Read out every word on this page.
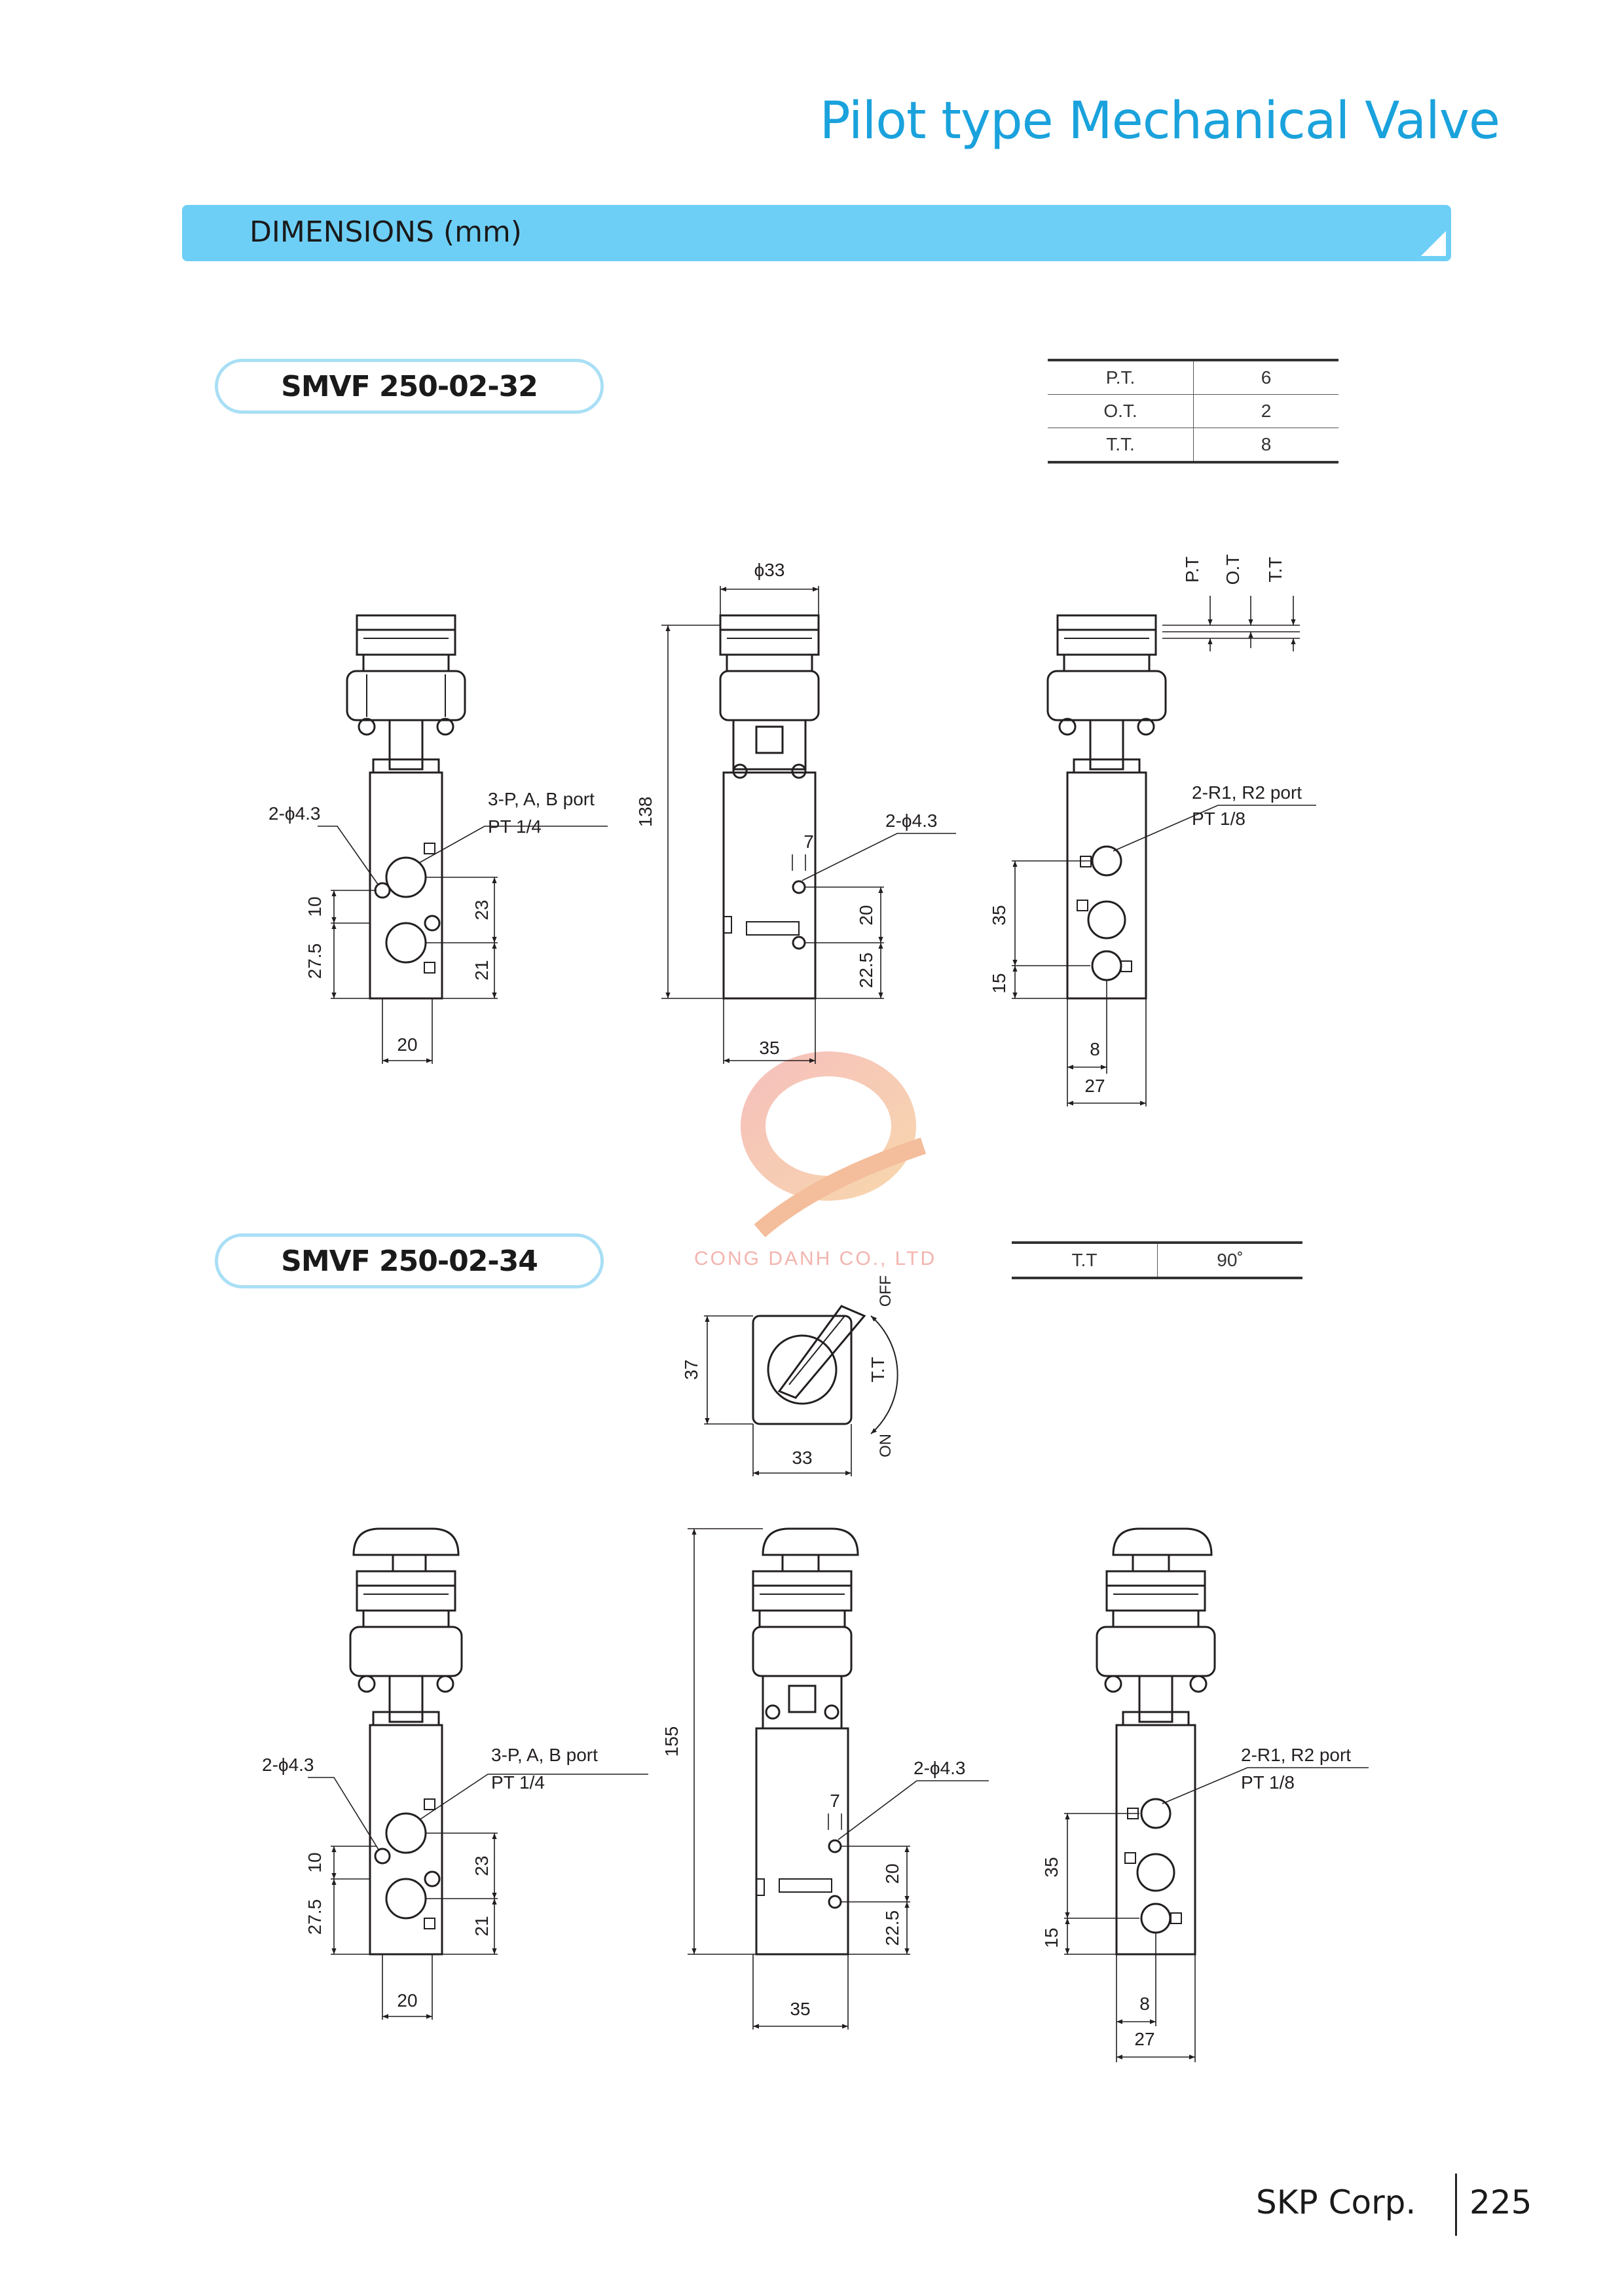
Pilot type Mechanical Valve
DIMENSIONS (mm)
SMVF 250-02-32	P.T.	6
O.T.	2
T.T.	8
SMVF 250-02-34	T.T	90˚
CONG DANH CO., LTD
2-ϕ4.3
3-P, A, B port
PT 1/4
10
27.5
23
21
20
ϕ33
138	2-ϕ4.3
7
20
22.5
35
P.T O.T T.T
2-R1, R2 port
PT 1/8
35
15
8
27
37
33
OFF
ON
T.T
2-ϕ4.3	3-P, A, B port
PT 1/4
10
27.5
23
21
20
155
2-ϕ4.3
7
20
22.5
35
2-R1, R2 port
PT 1/8
35
15
8
27
SKP Corp. 225
